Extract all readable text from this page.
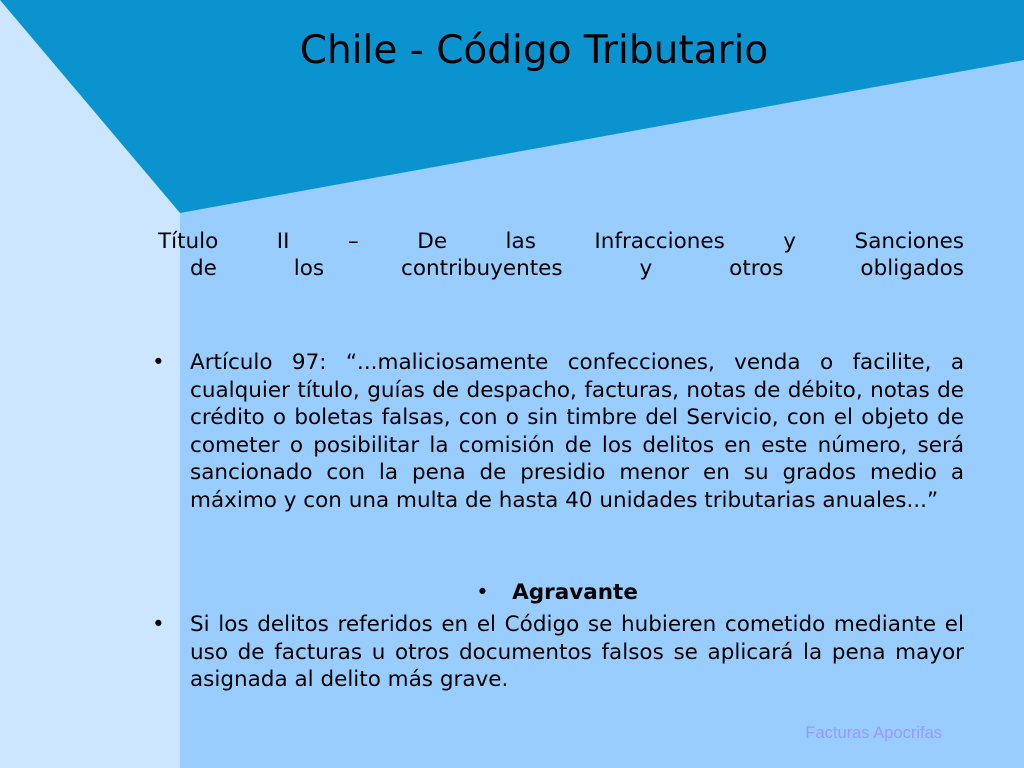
Chile - Código Tributario
Título II – De las Infracciones y Sanciones
de los contribuyentes y otros obligados
•	Artículo 97: “...maliciosamente confecciones, venda o facilite, a cualquier título, guías de despacho, facturas, notas de débito, notas de crédito o boletas falsas, con o sin timbre del Servicio, con el objeto de cometer o posibilitar la comisión de los delitos en este número, será sancionado con la pena de presidio menor en su grados medio a máximo y con una multa de hasta 40 unidades tributarias anuales...”
• Agravante
•	Si los delitos referidos en el Código se hubieren cometido mediante el uso de facturas u otros documentos falsos se aplicará la pena mayor asignada al delito más grave.
Facturas Apocrifas
